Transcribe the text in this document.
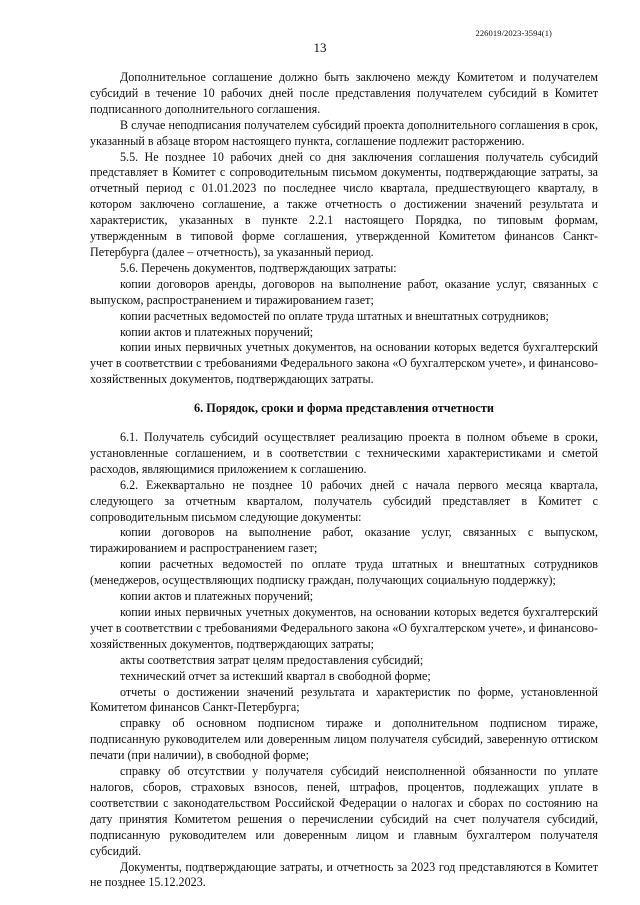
226019/2023-3594(1)
13

Дополнительное соглашение должно быть заключено между Комитетом и получателем субсидий в течение 10 рабочих дней после представления получателем субсидий в Комитет подписанного дополнительного соглашения.

В случае неподписания получателем субсидий проекта дополнительного соглашения в срок, указанный в абзаце втором настоящего пункта, соглашение подлежит расторжению.

5.5. Не позднее 10 рабочих дней со дня заключения соглашения получатель субсидий представляет в Комитет с сопроводительным письмом документы, подтверждающие затраты, за отчетный период с 01.01.2023 по последнее число квартала, предшествующего кварталу, в котором заключено соглашение, а также отчетность о достижении значений результата и характеристик, указанных в пункте 2.2.1 настоящего Порядка, по типовым формам, утвержденным в типовой форме соглашения, утвержденной Комитетом финансов Санкт-Петербурга (далее – отчетность), за указанный период.

5.6. Перечень документов, подтверждающих затраты:

копии договоров аренды, договоров на выполнение работ, оказание услуг, связанных с выпуском, распространением и тиражированием газет;

копии расчетных ведомостей по оплате труда штатных и внештатных сотрудников;

копии актов и платежных поручений;

копии иных первичных учетных документов, на основании которых ведется бухгалтерский учет в соответствии с требованиями Федерального закона «О бухгалтерском учете», и финансово-хозяйственных документов, подтверждающих затраты.

6. Порядок, сроки и форма представления отчетности

6.1. Получатель субсидий осуществляет реализацию проекта в полном объеме в сроки, установленные соглашением, и в соответствии с техническими характеристиками и сметой расходов, являющимися приложением к соглашению.

6.2. Ежеквартально не позднее 10 рабочих дней с начала первого месяца квартала, следующего за отчетным кварталом, получатель субсидий представляет в Комитет с сопроводительным письмом следующие документы:

копии договоров на выполнение работ, оказание услуг, связанных с выпуском, тиражированием и распространением газет;

копии расчетных ведомостей по оплате труда штатных и внештатных сотрудников (менеджеров, осуществляющих подписку граждан, получающих социальную поддержку);

копии актов и платежных поручений;

копии иных первичных учетных документов, на основании которых ведется бухгалтерский учет в соответствии с требованиями Федерального закона «О бухгалтерском учете», и финансово-хозяйственных документов, подтверждающих затраты;

акты соответствия затрат целям предоставления субсидий;

технический отчет за истекший квартал в свободной форме;

отчеты о достижении значений результата и характеристик по форме, установленной Комитетом финансов Санкт-Петербурга;

справку об основном подписном тираже и дополнительном подписном тираже, подписанную руководителем или доверенным лицом получателя субсидий, заверенную оттиском печати (при наличии), в свободной форме;

справку об отсутствии у получателя субсидий неисполненной обязанности по уплате налогов, сборов, страховых взносов, пеней, штрафов, процентов, подлежащих уплате в соответствии с законодательством Российской Федерации о налогах и сборах по состоянию на дату принятия Комитетом решения о перечислении субсидий на счет получателя субсидий, подписанную руководителем или доверенным лицом и главным бухгалтером получателя субсидий.

Документы, подтверждающие затраты, и отчетность за 2023 год представляются в Комитет не позднее 15.12.2023.
